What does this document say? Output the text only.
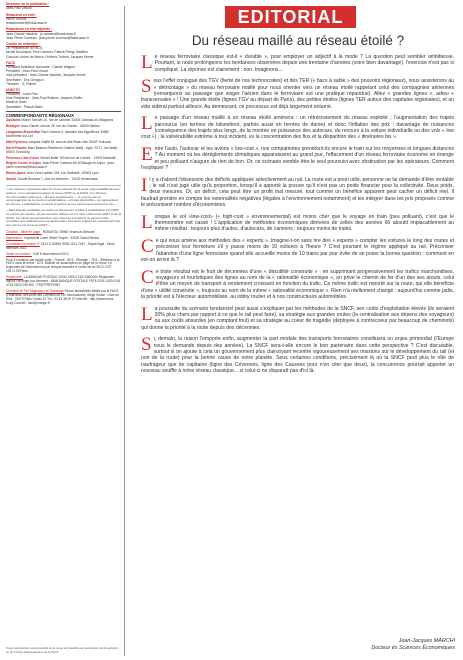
Directeur de la publication :

Jean-Paul Lescot

Rédacteur en chef :

Hervé Tonnos

redactionchef@fnaut.asso.fr

Rédacteurs en chef adjoints :

Jean-Claude Vaudois : jc.vaudois@fnaut.asso.fr

Jean-Pierre Comeau : jean-pierre.comeau@fnaut.asso.fr

Comité de rédaction :

Le Président de la FACS,

Nicole Bouchaud, Paul Cannoni, Patrick Fitting, Mathieu

Guinoud, André de Marco, Frédéric Trubert, Jacques Verme

FACS

Président fondateur honoraire : Claude Wagner

Président : Jean-Paul Lescot

Vice-président : Jean-Claude Vaudois, Jacques Verme

Secrétaire : Eric Gengoux

Trésorier : G. Robert

UNECTO

Président : Louis Poix

Vice-Présidents : Jean-Paul Boiteux, Jacques Delfin,

Maurice Tealu

Secrétaire : Pascal Bazin

CORRESPONDANTS RÉGIONAUX
Aquitaine Michel Tarrovis 10, rue de Landran 33400 Cabanac-et-Villagrains
Bretagne Jean-Claude Lenoux 25, rue de Chalais - 44000 Nantes
Languedoc-Roussillon Paul Cannoni 3, domaine des Aiguillières 34980 Montferrier-sur-Lez
Midi-Pyrénées Jacques Gaffié 48, avenue des Etats Unis 31000 Toulouse
Nord-Picardie Marc Beaune Résidence Charles Wally - Appt. 23 27, rue Wally - 59200 Tourcoing
Provence-Côte d'Azur Gérard Botté 150 bis rue de Crimée - 13003 Marseille
Région Centre et Anjou Jean-Pierre Comeau 49100 Baugé en Anjou - jean-pierre.comeau@fnaut.asso.fr
Rhône-Alpes Jean-Yves Lavillier 294, rue Garibaldi - 69003 Lyon
Savoie Claude Bordans 7, clos du Jabornex - 74100 Annemasse

« Les opinions exprimées dans le revue relèvent de la seule responsabilité de leurs auteurs, et ne sauraient engager la revue CFRT ou la FACS. Les tribunes communicables telles que « Bonnes Expériences », ou encore par un accompagnées de la mention systématique « envoyé disponible » qui ajouteraient les termes. La Rédaction remercie le lecteur qui en saura expressément le cas. »

« Sauf entente préalable, les textes et documents confiés à la Rédaction de CFRT ne seront pas rendus. Ils peuvent être utilisés sur les sites internet de CFRT et de la FACS. Les droits de reproduction sont réservés à la FACS. Ils peuvent être concédés à la rédaction pour la reprise dans tout autre support en mentionnant que leur source est la revue CFRT. »

Création - Mise en page : ROBAYOU 76960 Veules-le-Bréaute

Impression : Imprimerie Lowe Offset Troyes - 42000 Saint Etienne

Commission paritaire n° 0314 G 84406 ISSN 1141-7447 - Dépôt légal : 2ème trimestre 2014

Vente au numéro : 6,50 € Abonnement 2014

Pour 5 numéros par année civile : France : 55 € - Étranger : 75 € - Réflexion à la FACS sans la revue : 20 €. Bulletin de souscription en page de la revue. Le règlement de l'abonnement par chèque bancaire à l'ordre de la FACS CCP 19471-09 Paris

Règlement : LA BANQUE POSTALE 20041 00001 1647180D020 Règlement depuis l'étranger par virement : IBAN BANQUE POSTALE FR76 2004 1000 0116 4718 0D02 046 BIC : PSSTFRPPPAR

Chemins de Fer Régionaux et Tramways Revue bimestrielle éditée par la FACS (Fédération des Amis des Chemins de Fer Secondaires). Siège Social : Gare de l'Est - 75475 Paris Cedex 10 Tél : 01 43 38 09 07 Internet : http://www.trains-fr.org Courriel : facs@orange.fr

EDITORIAL
Du réseau maillé au réseau étoilé ?

Le réseau ferroviaire classique est-il « durable », pour employer un adjectif à la mode ? La question peut sembler ambitieuse. Pourtant, si nous prolongeons les tendances observées depuis une trentaine d'années (voire bien davantage), l'exercice n'est pas si compliqué. La réponse est clairement : non. Imaginons...

Sous l'effet conjugué des TGV (fierté de nos technocrates) et des TER (« bacs à sable » des pouvoirs régionaux), nous assisterons au « détricotage » du réseau ferroviaire maillé pour nous orienter vers un réseau étoilé rappelant celui des compagnies aériennes (remarquons au passage que singer l'aérien dans le ferroviaire est une pratique répandue). Allez « grandes lignes », adieu « transversales » ! Une grande étoile (lignes TGV au départ de Paris), des petites étoiles (lignes TER autour des capitales régionales), et un vide sidéral partout ailleurs. Au demeurant, ce processus est déjà largement entamé.

Le passage d'un réseau maillé à un réseau étoilé amènera : un rétrécissement du réseau exploité ; l'augmentation des trajets parcourus (en termes de kilomètres, parfois aussi en termes de durée) et donc l'inflation des prix ; davantage de nuisances (conséquence des trajets plus longs, de la montée en puissance des autocars, du recours à la voiture individuelle ou des vols « low cost ») ; la vulnérabilité extrême à tout incident, vu la concentration des flux et la disparition des « itinéraires bis ».

Entre l'auto, l'autocar et les avions « low-cost », nos compatriotes prendront-ils encore le train sur les moyennes et longues distances ? Au moment où les dérèglements climatiques apparaissent au grand jour, l'effacement d'un réseau ferroviaire économe en énergie et peu polluant n'augure de rien de bon. Or, ce scénario semble être le seul poursuivi avec obstination par les opérateurs. Comment l'expliquer ?

Il y a d'abord l'obsession des déficits appliquée sélectivement au rail. La route est a priori utile, personne ne lui demande d'être rentable ; le rail n'est jugé utile qu'à proportion, lorsqu'il a apporté la preuve qu'il n'est pas un poids financier pour la collectivité. Deux poids, deux mesures. Or, un déficit, cela peut être un profit mal mesuré, tout comme un bénéfice apparent peut cacher un déficit réel. Il faudrait prendre en compte les externalités négatives (légales à l'environnement notamment) et les intégrer dans les prix proposés comme le préconisent nombre d'économistes.

Lorsque le vol «low-cost» (« high-cost » environnemental) est moins cher que le voyage en train (peu polluant), c'est que le thermomètre est cassé ! L'application de méthodes économiques dérivées de celles des années 60 aboutit implacablement au même résultat : toujours plus d'autos, d'autocars, de camions ; toujours moins de trains.

Ce qui nous amène aux méthodes des « experts ». Imagine-t-on sans rire des « experts » compter les voitures le long des routes et préconiser leur fermeture s'il y passe moins de 10 voitures à l'heure ? C'est pourtant le régime appliqué au rail. Préconiser l'abandon d'une ligne ferroviaire quand elle accueille moins de 10 trains par jour évite de se poser la bonne question : comment en est-on arrivé là ?

Ce triste résultat est le fruit de décennies d'une « désutilité construite » : en supprimant progressivement les trafics marchandises, voyageurs et touristiques des lignes au nom de la « rationalité économique », on prive le chemin de fer d'un des ses atouts, celui d'être un moyen de transport à rendement croissant en fonction du trafic. Ce même trafic est reporté sur la route, qui elle bénéficie d'une « utilité construite », toujours au nom de la même « rationalité économique ». Rien n'a réellement changé : aujourd'hui comme jadis, la priorité est à l'électeur automobiliste, au lobby routier et à nos constructeurs automobiles.

La poursuite du scénario tendanciel peut aussi s'expliquer par les méthodes de la SNCF, ses coûts d'exploitation élevés (ils seraient 30% plus chers par rapport à ce que le rail peut faire), sa stratégie aux grandes routes (la centralisation aux dépens des voyageurs) ou aux coûts absurdes (en comptant tout) et sa stratégie au coeur de tragédie (déployée à contrecoeur par beaucoup de cheminots) qui donne la priorité à la route depuis des décennies.

Si, demain, la raison l'emporte enfin, augmenter la part modale des transports ferroviaires constituera un enjeu primordial (l'Europe nous le demande depuis des années). La SNCF sera-t-elle encore le bon partenaire dans cette perspective ? C'est discutable, surtout si on ajoute à cela un gouvernement plus clairvoyant recentré vigoureusement ses missions sur le développement du rail (et non de la route) pour la bonne cause de notre planète. Sous certaines conditions, précisément là où la SNCF peut plus le rôle de naufrageur que de capitaine (ligne des Cévennes, ligne des Causses pour n'en citer que deux), la concurrence pourrait apporter un nouveau souffle à notre réseau classique... si celui-ci ne disparaît pas d'ici là.

Jean-Jacques MARCHI
Docteur ès Sciences Économiques
Toute reproduction même partielle de la revue est interdite sauf autorisation de la rédaction ou du Conseil d'administration de la FACS
